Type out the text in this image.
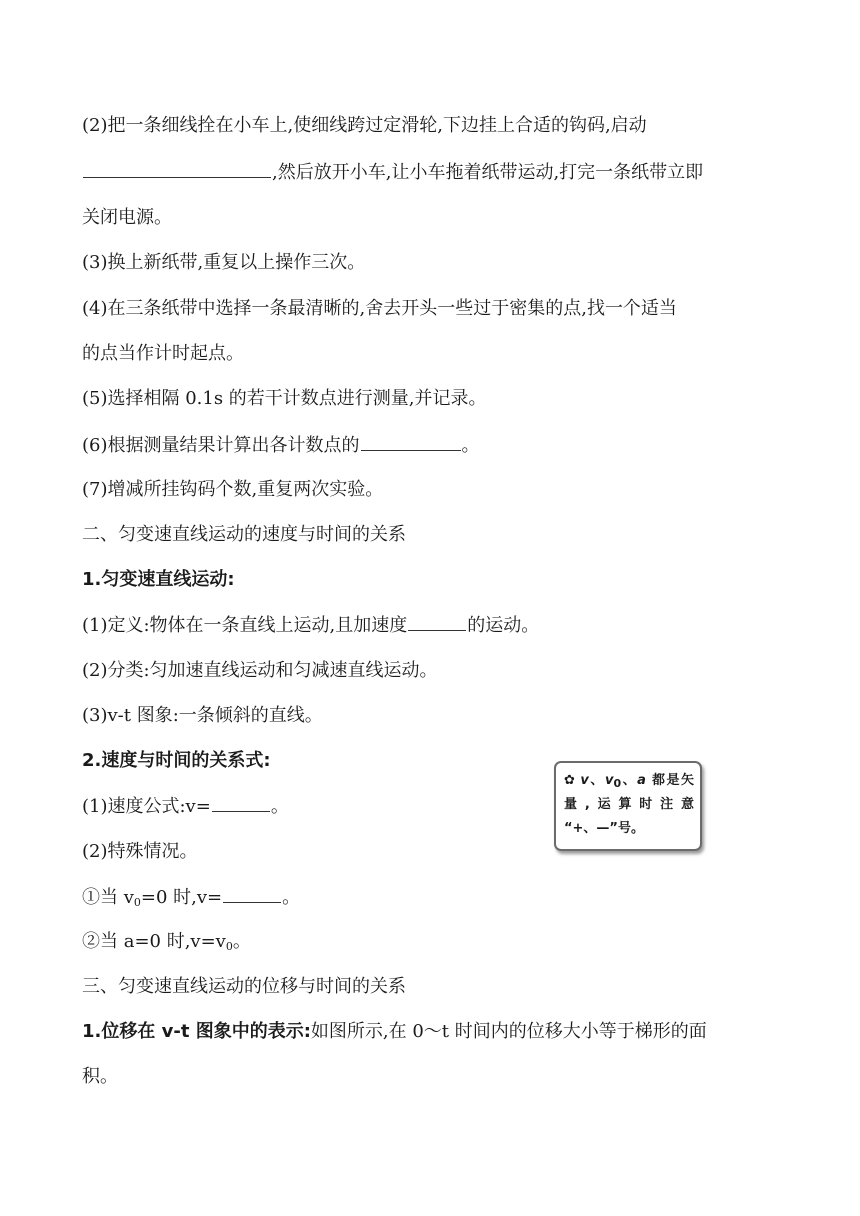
(2)把一条细线拴在小车上,使细线跨过定滑轮,下边挂上合适的钩码,启动
,然后放开小车,让小车拖着纸带运动,打完一条纸带立即
关闭电源。
(3)换上新纸带,重复以上操作三次。
(4)在三条纸带中选择一条最清晰的,舍去开头一些过于密集的点,找一个适当
的点当作计时起点。
(5)选择相隔 0.1s 的若干计数点进行测量,并记录。
(6)根据测量结果计算出各计数点的	。
(7)增减所挂钩码个数,重复两次实验。
二、匀变速直线运动的速度与时间的关系
1.匀变速直线运动:
(1)定义:物体在一条直线上运动,且加速度	的运动。
(2)分类:匀加速直线运动和匀减速直线运动。
(3)v-t 图象:一条倾斜的直线。
2.速度与时间的关系式:
(1)速度公式:v=	。
(2)特殊情况。
①当 $v_0=0$ 时,v=	。
②当 a=0 时$,v=v_0$。
三、匀变速直线运动的位移与时间的关系
1.位移在 v-t 图象中的表示:如图所示,在 0～t 时间内的位移大小等于梯形的面
积。
✿ v、$v_0$、a 都是矢
量,运算时注意
“+、—”号。
